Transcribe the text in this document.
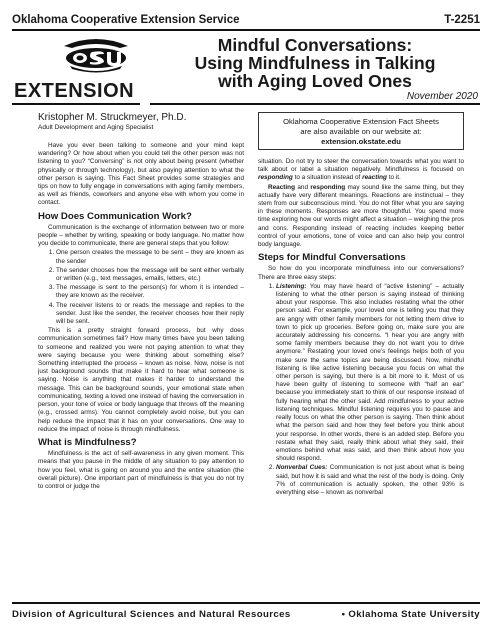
Oklahoma Cooperative Extension Service	T-2251
EXTENSION
Mindful Conversations:
Using Mindfulness in Talking
with Aging Loved Ones
November 2020
Kristopher M. Struckmeyer, Ph.D.
Adult Development and Aging Specialist
Oklahoma Cooperative Extension Fact Sheets
are also available on our website at:
extension.okstate.edu

Have you ever been talking to someone and your mind kept wandering? Or how about when you could tell the other person was not listening to you? “Conversing” is not only about being present (whether physically or through technology), but also paying attention to what the other person is saying. This Fact Sheet provides some strategies and tips on how to fully engage in conversations with aging family members, as well as friends, coworkers and anyone else with whom you come in contact.

How Does Communication Work?

Communication is the exchange of information between two or more people – whether by writing, speaking or body language. No matter how you decide to communicate, there are general steps that you follow:

1. One person creates the message to be sent – they are known as the sender
2. The sender chooses how the message will be sent either verbally or written (e.g., text messages, emails, letters, etc.)
3. The message is sent to the person(s) for whom it is intended – they are known as the receiver.
4. The receiver listens to or reads the message and replies to the sender. Just like the sender, the receiver chooses how their reply will be sent.

This is a pretty straight forward process, but why does communication sometimes fail? How many times have you been talking to someone and realized you were not paying attention to what they were saying because you were thinking about something else? Something interrupted the process – known as noise. Now, noise is not just background sounds that make it hard to hear what someone is saying. Noise is anything that makes it harder to understand the message. This can be background sounds, your emotional state when communicating, texting a loved one instead of having the conversation in person, your tone of voice or body language that throws off the meaning (e.g., crossed arms). You cannot completely avoid noise, but you can help reduce the impact that it has on your conversations. One way to reduce the impact of noise is through mindfulness.

What is Mindfulness?

Mindfulness is the act of self-awareness in any given moment. This means that you pause in the middle of any situation to pay attention to how you feel, what is going on around you and the entire situation (the overall picture). One important part of mindfulness is that you do not try to control or judge the

situation. Do not try to steer the conversation towards what you want to talk about or label a situation negatively. Mindfulness is focused on responding to a situation instead of reacting to it.

Reacting and responding may sound like the same thing, but they actually have very different meanings. Reactions are instinctual – they stem from our subconscious mind. You do not filter what you are saying in these moments. Responses are more thoughtful. You spend more time exploring how our words might affect a situation – weighing the pros and cons. Responding instead of reacting includes keeping better control of your emotions, tone of voice and can also help you control body language.

Steps for Mindful Conversations

So how do you incorporate mindfulness into our conversations? There are three easy steps:

1. Listening: You may have heard of “active listening” – actually listening to what the other person is saying instead of thinking about your response. This also includes restating what the other person said. For example, your loved one is telling you that they are angry with other family members for not letting them drive to town to pick up groceries. Before going on, make sure you are accurately addressing his concerns. “I hear you are angry with some family members because they do not want you to drive anymore.” Restating your loved one’s feelings helps both of you make sure the same topics are being discussed. Now, mindful listening is like active listening because you focus on what the other person is saying, but there is a bit more to it. Most of us have been guilty of listening to someone with “half an ear” because you immediately start to think of our response instead of fully hearing what the other said. Add mindfulness to your active listening techniques. Mindful listening requires you to pause and really focus on what the other person is saying. Then think about what the person said and how they feel before you think about your response. In other words, there is an added step. Before you restate what they said, really think about what they said, their emotions behind what was said, and then think about how you should respond.
2. Nonverbal Cues: Communication is not just about what is being said, but how it is said and what the rest of the body is doing. Only 7% of communication is actually spoken, the other 93% is everything else – known as nonverbal
Division of Agricultural Sciences and Natural Resources	• Oklahoma State University
